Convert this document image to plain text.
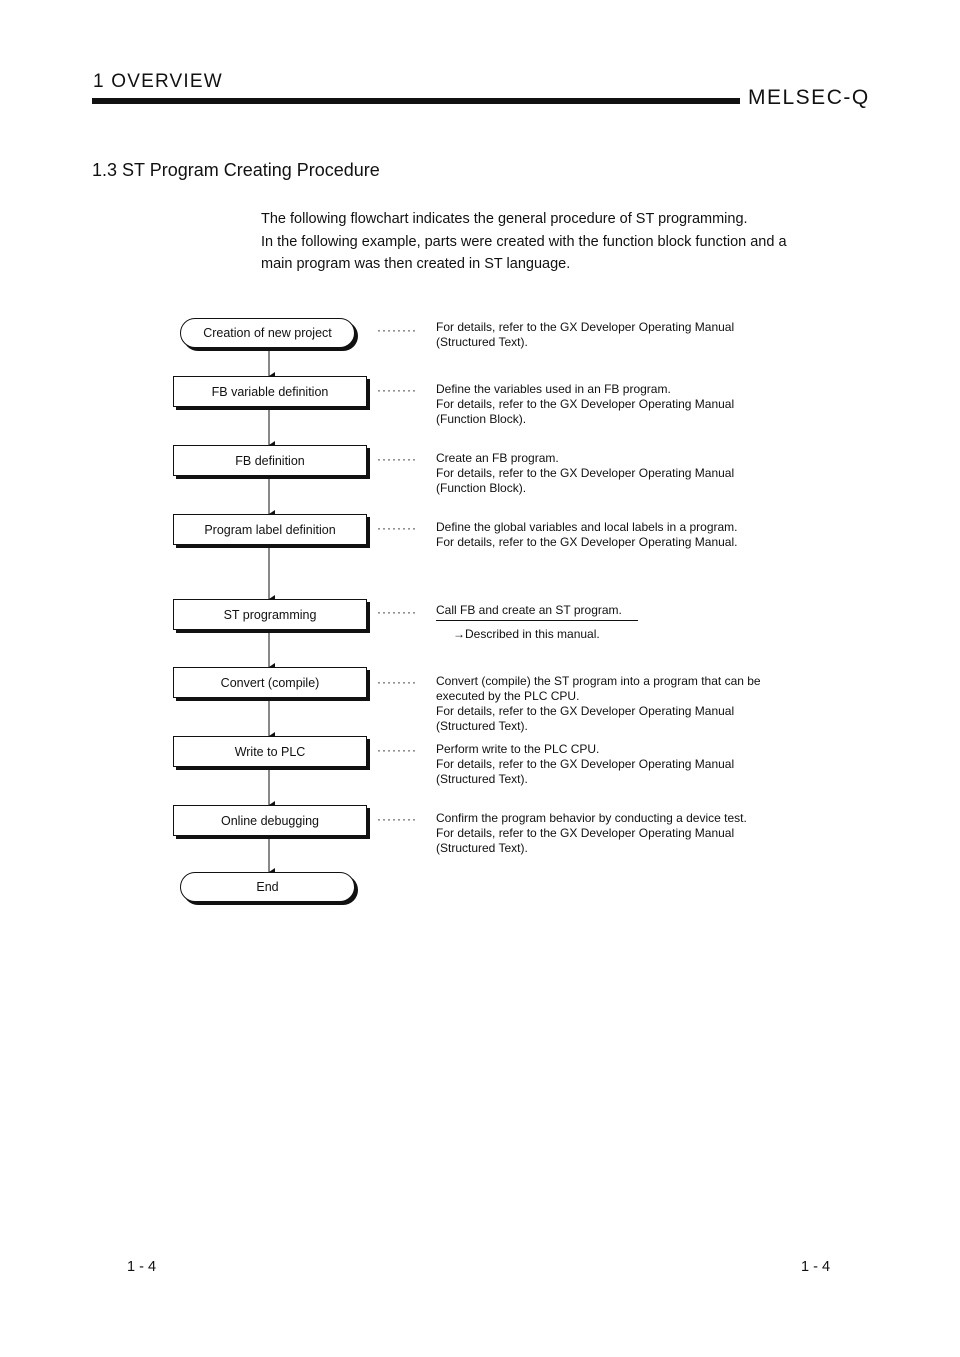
1 OVERVIEW
MELSEC-Q
1.3 ST Program Creating Procedure

The following flowchart indicates the general procedure of ST programming.

In the following example, parts were created with the function block function and a

main program was then created in ST language.

Creation of new project	········ For details, refer to the GX Developer Operating Manual
(Structured Text).
FB variable definition	········ Define the variables used in an FB program.
For details, refer to the GX Developer Operating Manual
(Function Block).
FB definition	········ Create an FB program.
For details, refer to the GX Developer Operating Manual
(Function Block).
Program label definition	········ Define the global variables and local labels in a program.
For details, refer to the GX Developer Operating Manual.
ST programming	········ Call FB and create an ST program.
→Described in this manual.
Convert (compile)	········ Convert (compile) the ST program into a program that can be
executed by the PLC CPU.
For details, refer to the GX Developer Operating Manual
(Structured Text).
Write to PLC	········ Perform write to the PLC CPU.
For details, refer to the GX Developer Operating Manual
(Structured Text).
Online debugging	········ Confirm the program behavior by conducting a device test.
For details, refer to the GX Developer Operating Manual
(Structured Text).
End
1 - 4	1 - 4
